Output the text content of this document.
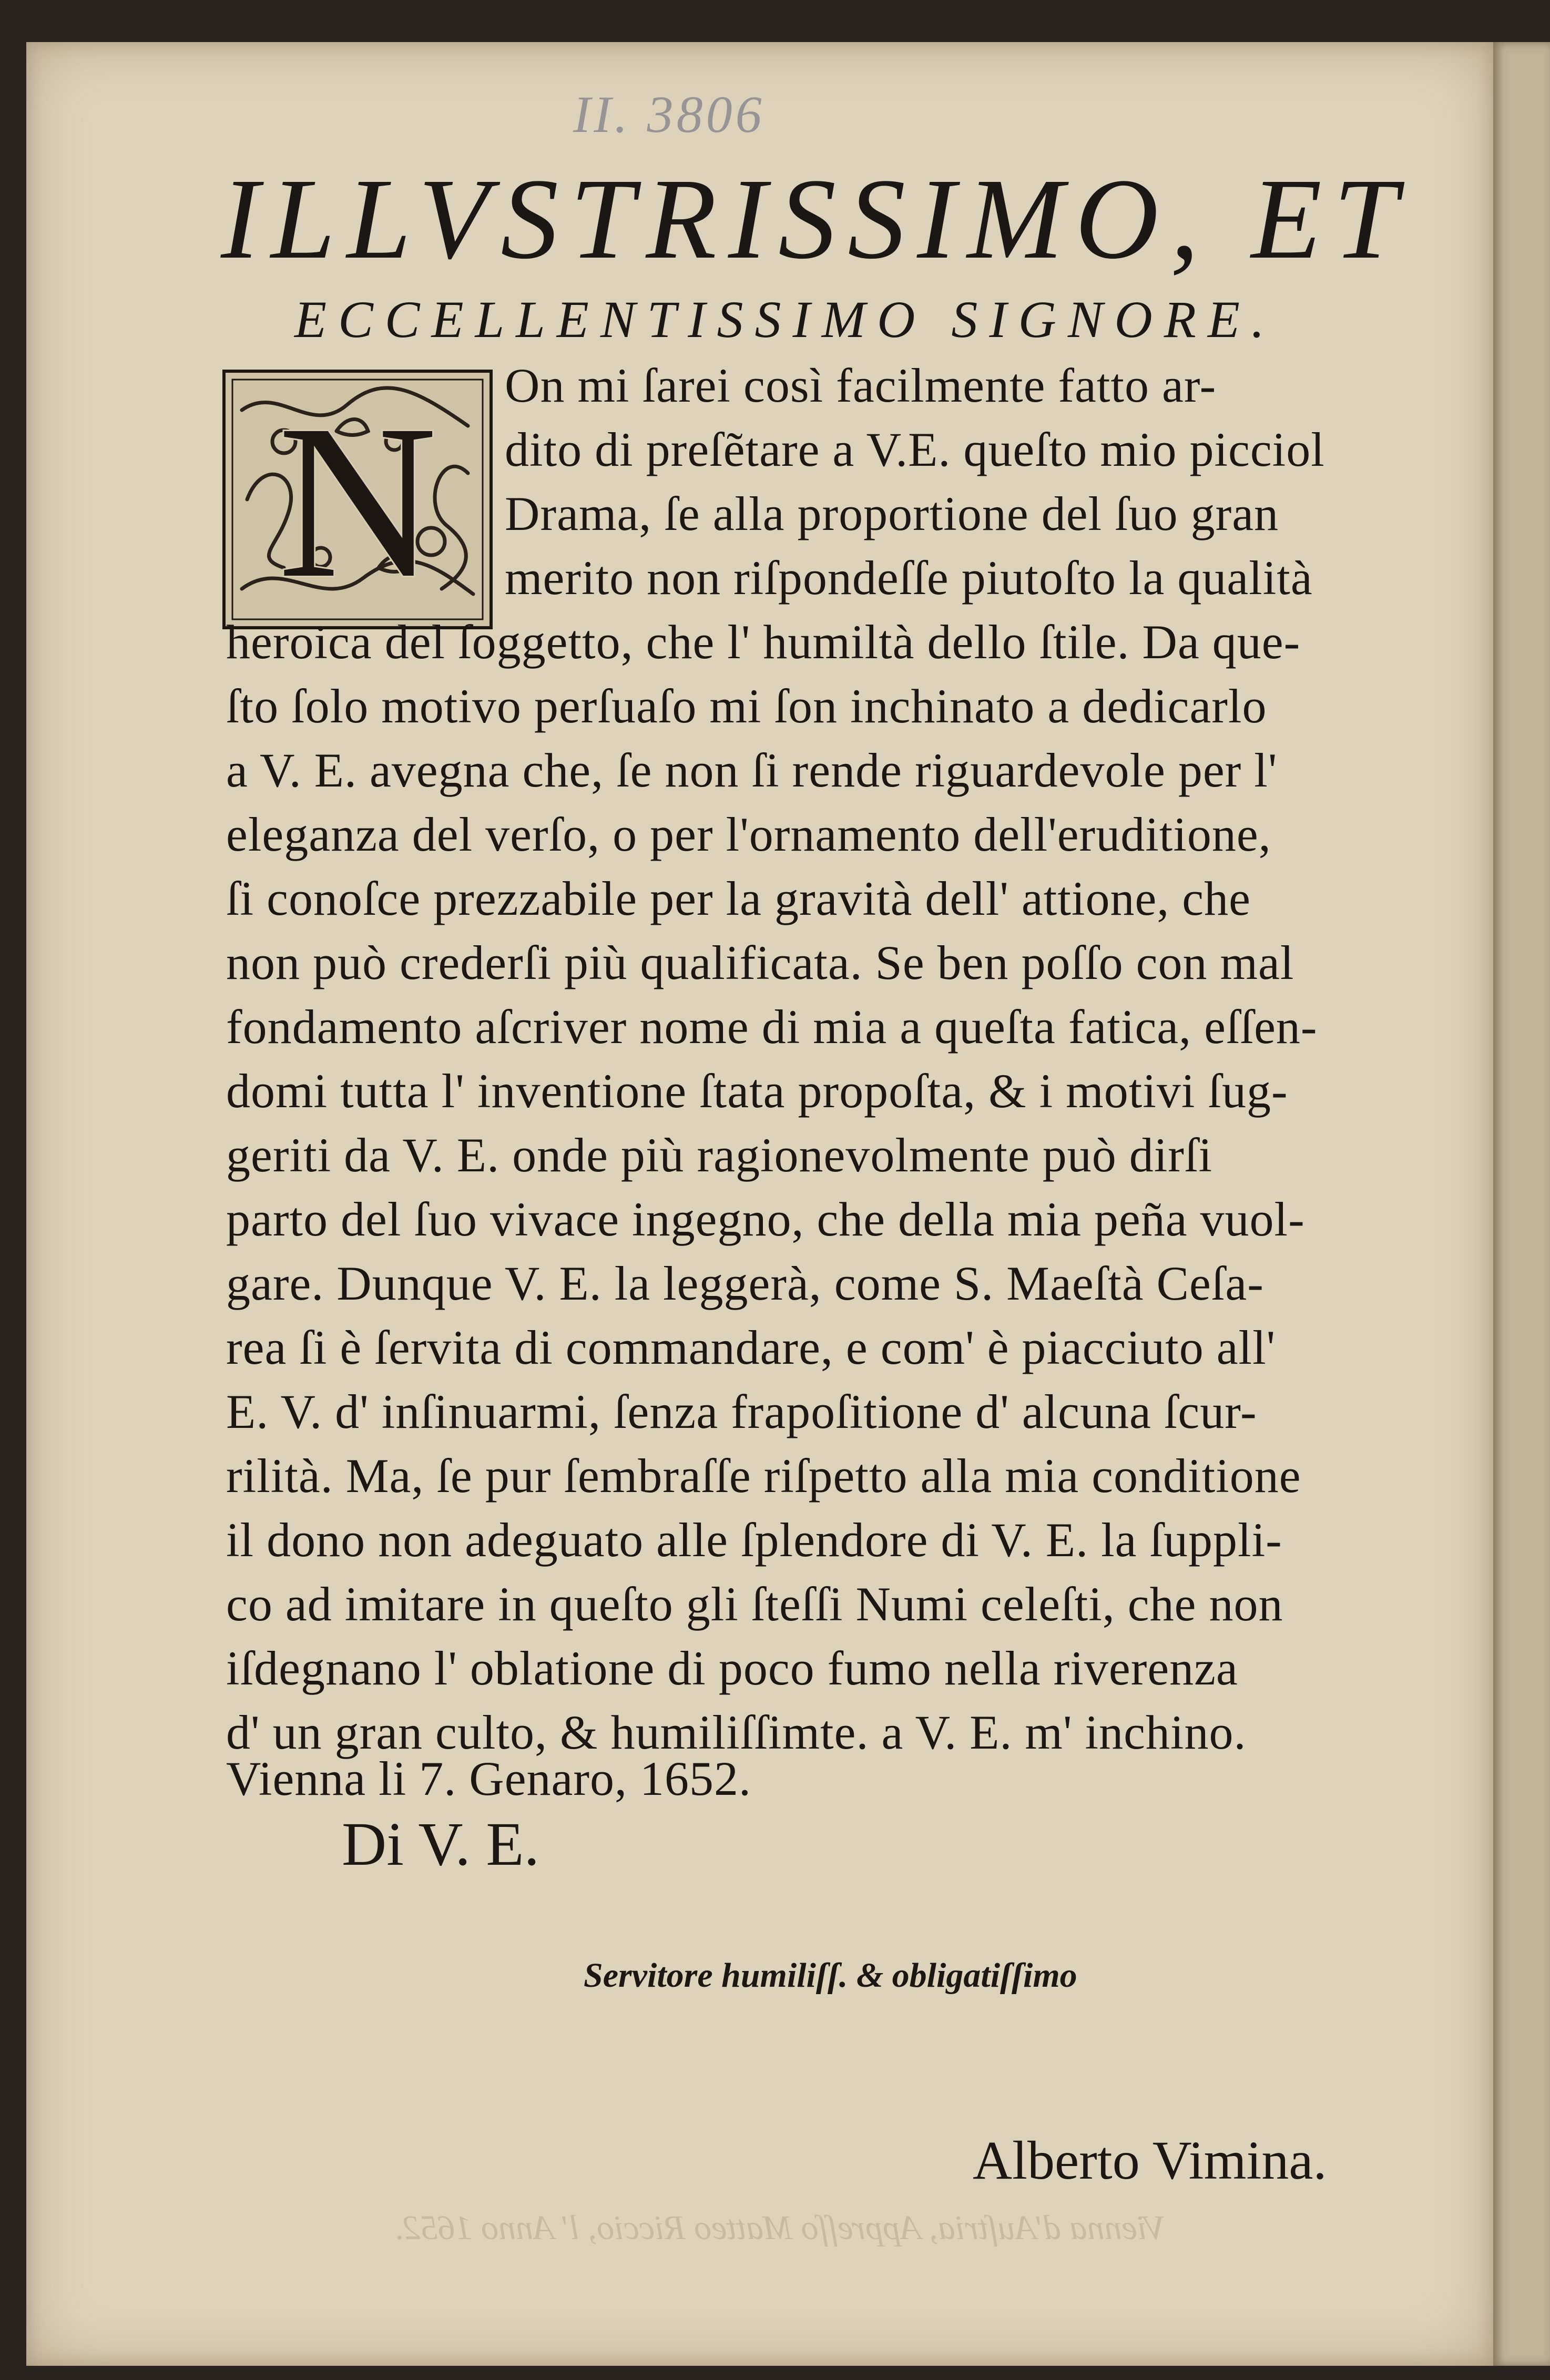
II. 3806
ILLVSTRISSIMO, ET
ECCELLENTISSIMO SIGNORE.
N On mi ſarei così facilmente fatto ar-
dito di preſẽtare a V.E. queſto mio picciol
Drama, ſe alla proportione del ſuo gran
merito non riſpondeſſe piutoſto la qualità
heroica del ſoggetto, che l' humiltà dello ſtile. Da que-
ſto ſolo motivo perſuaſo mi ſon inchinato a dedicarlo
a V. E. avegna che, ſe non ſi rende riguardevole per l'
eleganza del verſo, o per l'ornamento dell'eruditione,
ſi conoſce prezzabile per la gravità dell' attione, che
non può crederſi più qualificata. Se ben poſſo con mal
fondamento aſcriver nome di mia a queſta fatica, eſſen-
domi tutta l' inventione ſtata propoſta, & i motivi ſug-
geriti da V. E. onde più ragionevolmente può dirſi
parto del ſuo vivace ingegno, che della mia peña vuol-
gare. Dunque V. E. la leggerà, come S. Maeſtà Ceſa-
rea ſi è ſervita di commandare, e com' è piacciuto all'
E. V. d' inſinuarmi, ſenza frapoſitione d' alcuna ſcur-
rilità. Ma, ſe pur ſembraſſe riſpetto alla mia conditione
il dono non adeguato alle ſplendore di V. E. la ſuppli-
co ad imitare in queſto gli ſteſſi Numi celeſti, che non
iſdegnano l' oblatione di poco fumo nella riverenza
d' un gran culto, & humiliſſimte. a V. E. m' inchino.
Vienna li 7. Genaro, 1652.
Di V. E.
Servitore humiliſſ. & obligatiſſimo
Alberto Vimina.
Vienna d'Auſtria, Appreſſo Matteo Riccio, l' Anno 1652.
